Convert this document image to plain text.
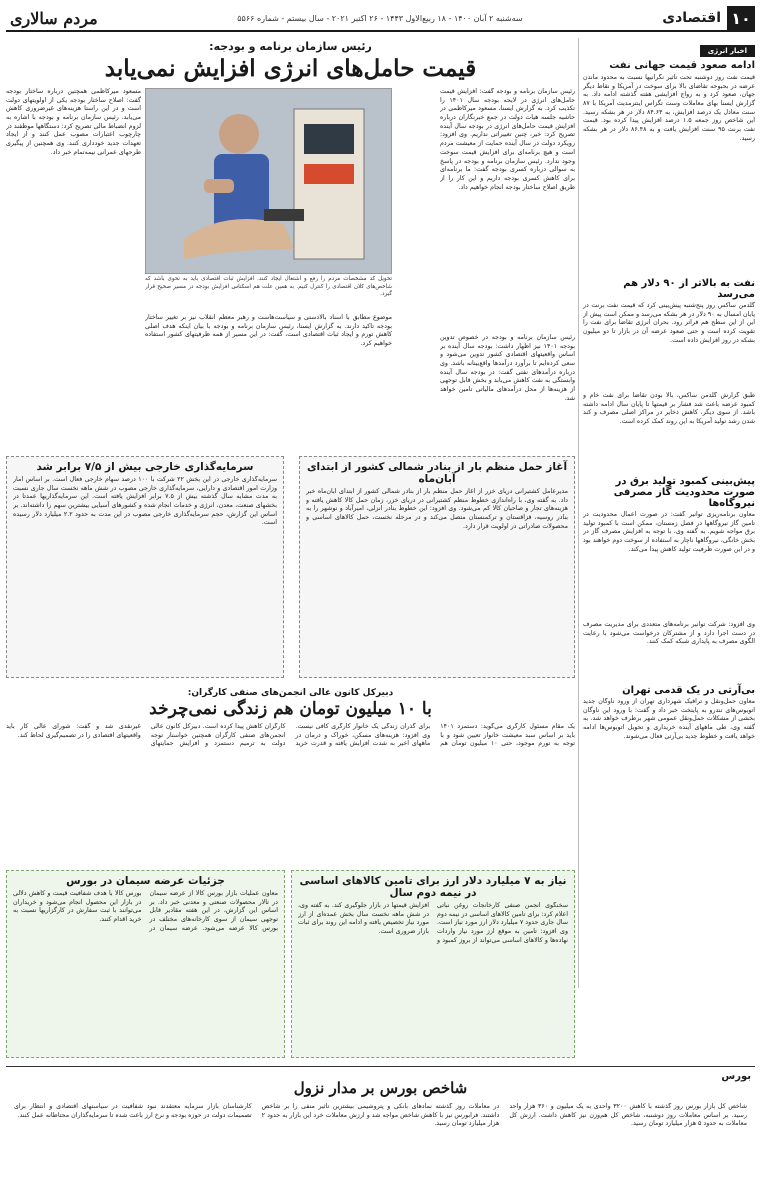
۱۰
اقتصادی
سه‌شنبه ۲ آبان ۱۴۰۰ - ۱۸ ربیع‌الاول ۱۴۴۳ - ۲۶ اکتبر ۲۰۲۱ - سال بیستم - شماره ۵۵۶۶
مردم سالاری
اخبار انرژی
ادامه صعود قیمت جهانی نفت
قیمت نفت روز دوشنبه تحت تاثیر نگرانیها نسبت به محدود ماندن عرضه در بحبوحه تقاضای بالا برای سوخت در آمریکا و نقاط دیگر جهان، صعود کرد و به رواج افزایشی هفته گذشته ادامه داد. به گزارش ایسنا بهای معاملات وست تگزاس اینترمدیت آمریکا با ۸۷ سنت معادل یک درصد افزایش، به ۸۴.۶۴ دلار در هر بشکه رسید. این شاخص روز جمعه ۱.۵ درصد افزایش پیدا کرده بود. قیمت نفت برنت ۹۵ سنت افزایش یافت و به ۸۶.۴۸ دلار در هر بشکه رسید.
نفت به بالاتر از ۹۰ دلار هم می‌رسد
گلدمن ساکس روز پنج‌شنبه پیش‌بینی کرد که قیمت نفت برنت در پایان امسال به ۹۰ دلار در هر بشکه می‌رسد و ممکن است پیش از این از این سطح هم فراتر رود. بحران انرژی تقاضا برای نفت را تقویت کرده است و حتی صعود عرضه آن در بازار تا دو میلیون بشکه در روز افزایش داده است.
طبق گزارش گلدمن ساکس، بالا بودن تقاضا برای نفت خام و کمبود عرضه باعث شد فشار بر قیمتها تا پایان سال ادامه داشته باشد. از سوی دیگر، کاهش ذخایر در مراکز اصلی مصرف و کند شدن رشد تولید آمریکا به این روند کمک کرده است.
پیش‌بینی کمبود تولید برق در صورت محدودیت گاز مصرفی نیروگاه‌ها
معاون برنامه‌ریزی توانیر گفت: در صورت اعمال محدودیت در تامین گاز نیروگاهها در فصل زمستان، ممکن است با کمبود تولید برق مواجه شویم. به گفته وی، با توجه به افزایش مصرف گاز در بخش خانگی، نیروگاهها ناچار به استفاده از سوخت دوم خواهند بود و در این صورت ظرفیت تولید کاهش پیدا می‌کند.
وی افزود: شرکت توانیر برنامه‌های متعددی برای مدیریت مصرف در دست اجرا دارد و از مشترکان درخواست می‌شود با رعایت الگوی مصرف به پایداری شبکه کمک کنند.
بی‌آر‌تی در یک قدمی تهران
معاون حمل‌ونقل و ترافیک شهرداری تهران از ورود ناوگان جدید اتوبوس‌های تندرو به پایتخت خبر داد و گفت: با ورود این ناوگان بخشی از مشکلات حمل‌ونقل عمومی شهر برطرف خواهد شد. به گفته وی، طی ماههای آینده خریداری و تحویل اتوبوس‌ها ادامه خواهد یافت و خطوط جدید بی‌آر‌تی فعال می‌شوند.
رئیس سازمان برنامه و بودجه:
قیمت حامل‌های انرژی افزایش نمی‌یابد
رئیس سازمان برنامه و بودجه گفت: افزایش قیمت حامل‌های انرژی در لایحه بودجه سال ۱۴۰۱ را تکذیب کرد. به گزارش ایسنا، مسعود میرکاظمی در حاشیه جلسه هیات دولت در جمع خبرنگاران درباره افزایش قیمت حامل‌های انرژی در بودجه سال آینده تصریح کرد: خیر، چنین تغییراتی نداریم. وی افزود: رویکرد دولت در سال آینده حمایت از معیشت مردم است و هیچ برنامه‌ای برای افزایش قیمت سوخت وجود ندارد. رئیس سازمان برنامه و بودجه در پاسخ به سوالی درباره کسری بودجه گفت: ما برنامه‌ای برای کاهش کسری بودجه داریم و این کار را از طریق اصلاح ساختار بودجه انجام خواهیم داد.
تحویل کد مشخصات مردم را رفع و اشتغال ایجاد کنند. افزایش ثبات اقتصادی باید به نحوی باشد که شاخص‌های کلان اقتصادی را کنترل کنیم. به همین علت هم اسکناس افزایش بودجه در مسیر صحیح قرار گیرد.
مسعود میرکاظمی همچنین درباره ساختار بودجه گفت: اصلاح ساختار بودجه یکی از اولویتهای دولت است و در این راستا هزینه‌های غیرضروری کاهش می‌یابد. رئیس سازمان برنامه و بودجه با اشاره به لزوم انضباط مالی تصریح کرد: دستگاهها موظفند در چارچوب اعتبارات مصوب عمل کنند و از ایجاد تعهدات جدید خودداری کنند. وی همچنین از پیگیری طرحهای عمرانی نیمه‌تمام خبر داد.
موضوع مطابق با اسناد بالادستی و سیاست‌هاست و رهبر معظم انقلاب نیز بر تغییر ساختار بودجه تاکید دارند. به گزارش ایسنا، رئیس سازمان برنامه و بودجه با بیان اینکه هدف اصلی کاهش تورم و ایجاد ثبات اقتصادی است، گفت: در این مسیر از همه ظرفیتهای کشور استفاده خواهیم کرد.
رئیس سازمان برنامه و بودجه در خصوص تدوین بودجه ۱۴۰۱ نیز اظهار داشت: بودجه سال آینده بر اساس واقعیتهای اقتصادی کشور تدوین می‌شود و سعی کرده‌ایم تا برآورد درآمدها واقع‌بینانه باشد. وی درباره درآمدهای نفتی گفت: در بودجه سال آینده وابستگی به نفت کاهش می‌یابد و بخش قابل توجهی از هزینه‌ها از محل درآمدهای مالیاتی تامین خواهد شد.
آغاز حمل منظم بار از بنادر شمالی کشور از ابتدای آبان‌ماه
مدیرعامل کشتیرانی دریای خزر از آغاز حمل منظم بار از بنادر شمالی کشور از ابتدای آبان‌ماه خبر داد. به گفته وی، با راه‌اندازی خطوط منظم کشتیرانی در دریای خزر، زمان حمل کالا کاهش یافته و هزینه‌های تجار و صاحبان کالا کم می‌شود. وی افزود: این خطوط بنادر انزلی، امیرآباد و نوشهر را به بنادر روسیه، قزاقستان و ترکمنستان متصل می‌کند و در مرحله نخست، حمل کالاهای اساسی و محصولات صادراتی در اولویت قرار دارد.
سرمایه‌گذاری خارجی بیش از ۷/۵ برابر شد
سرمایه‌گذاری خارجی در این بخش ۲۲ شرکت با ۱۰۰ درصد سهام خارجی فعال است. بر اساس آمار وزارت امور اقتصادی و دارایی، سرمایه‌گذاری خارجی مصوب در شش ماهه نخست سال جاری نسبت به مدت مشابه سال گذشته بیش از ۷.۵ برابر افزایش یافته است. این سرمایه‌گذاریها عمدتا در بخشهای صنعت، معدن، انرژی و خدمات انجام شده و کشورهای آسیایی بیشترین سهم را داشته‌اند. بر اساس این گزارش، حجم سرمایه‌گذاری خارجی مصوب در این مدت به حدود ۲.۲ میلیارد دلار رسیده است.
دبیرکل کانون عالی انجمن‌های صنفی کارگران:
با ۱۰ میلیون تومان هم زندگی نمی‌چرخد
یک مقام مسئول کارگری می‌گوید: دستمزد ۱۴۰۱ باید بر اساس سبد معیشت خانوار تعیین شود و با توجه به تورم موجود، حتی ۱۰ میلیون تومان هم برای گذران زندگی یک خانوار کارگری کافی نیست. وی افزود: هزینه‌های مسکن، خوراک و درمان در ماههای اخیر به شدت افزایش یافته و قدرت خرید کارگران کاهش پیدا کرده است. دبیرکل کانون عالی انجمن‌های صنفی کارگران همچنین خواستار توجه دولت به ترمیم دستمزد و افزایش حمایتهای غیرنقدی شد و گفت: شورای عالی کار باید واقعیتهای اقتصادی را در تصمیم‌گیری لحاظ کند.
نیاز به ۷ میلیارد دلار ارز برای تامین کالاهای اساسی در نیمه دوم سال
سخنگوی انجمن صنفی کارخانجات روغن نباتی اعلام کرد: برای تامین کالاهای اساسی در نیمه دوم سال جاری حدود ۷ میلیارد دلار ارز مورد نیاز است. وی افزود: تامین به موقع ارز مورد نیاز واردات نهاده‌ها و کالاهای اساسی می‌تواند از بروز کمبود و افزایش قیمتها در بازار جلوگیری کند. به گفته وی، در شش ماهه نخست سال بخش عمده‌ای از ارز مورد نیاز تخصیص یافته و ادامه این روند برای ثبات بازار ضروری است.
جزئیات عرضه سیمان در بورس
معاون عملیات بازار بورس کالا از عرضه سیمان در تالار محصولات صنعتی و معدنی خبر داد. بر اساس این گزارش، در این هفته مقادیر قابل توجهی سیمان از سوی کارخانه‌های مختلف در بورس کالا عرضه می‌شود. عرضه سیمان در بورس کالا با هدف شفافیت قیمت و کاهش دلالی در بازار این محصول انجام می‌شود و خریداران می‌توانند با ثبت سفارش در کارگزاریها نسبت به خرید اقدام کنند.
بورس
شاخص بورس بر مدار نزول
شاخص کل بازار بورس روز گذشته با کاهش ۳۲۰۰ واحدی به یک میلیون و ۳۶۰ هزار واحد رسید. بر اساس معاملات روز دوشنبه، شاخص کل هم‌وزن نیز کاهش داشت. ارزش کل معاملات به حدود ۵ هزار میلیارد تومان رسید.
در معاملات روز گذشته نمادهای بانکی و پتروشیمی بیشترین تاثیر منفی را بر شاخص داشتند. فرابورس نیز با کاهش شاخص مواجه شد و ارزش معاملات خرد این بازار به حدود ۲ هزار میلیارد تومان رسید.
کارشناسان بازار سرمایه معتقدند نبود شفافیت در سیاستهای اقتصادی و انتظار برای تصمیمات دولت در حوزه بودجه و نرخ ارز باعث شده تا سرمایه‌گذاران محتاطانه عمل کنند.
